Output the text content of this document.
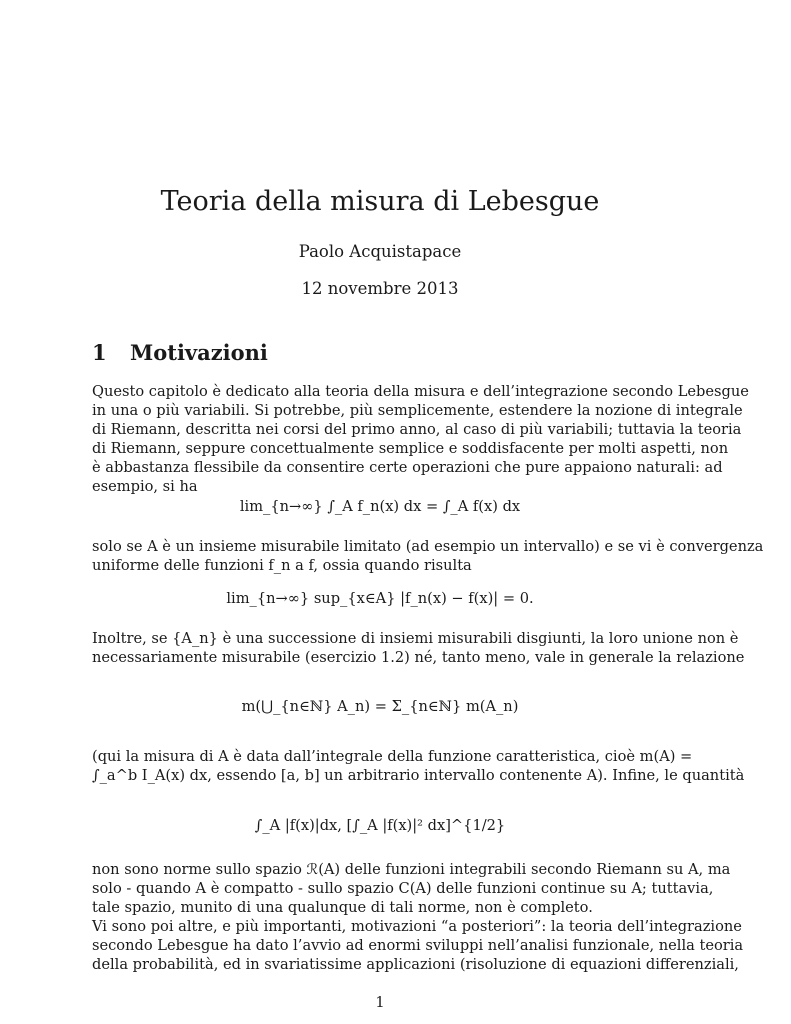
Teoria della misura di Lebesgue
Paolo Acquistapace
12 novembre 2013
1 Motivazioni
Questo capitolo è dedicato alla teoria della misura e dell’integrazione secondo Lebesgue
in una o più variabili. Si potrebbe, più semplicemente, estendere la nozione di integrale
di Riemann, descritta nei corsi del primo anno, al caso di più variabili; tuttavia la teoria
di Riemann, seppure concettualmente semplice e soddisfacente per molti aspetti, non
è abbastanza flessibile da consentire certe operazioni che pure appaiono naturali: ad
esempio, si ha
lim_{n→∞} ∫_A f_n(x) dx = ∫_A f(x) dx
solo se A è un insieme misurabile limitato (ad esempio un intervallo) e se vi è convergenza
uniforme delle funzioni f_n a f, ossia quando risulta
lim_{n→∞} sup_{x∈A} |f_n(x) − f(x)| = 0.
Inoltre, se {A_n} è una successione di insiemi misurabili disgiunti, la loro unione non è
necessariamente misurabile (esercizio 1.2) né, tanto meno, vale in generale la relazione
m(⋃_{n∈ℕ} A_n) = Σ_{n∈ℕ} m(A_n)
(qui la misura di A è data dall’integrale della funzione caratteristica, cioè m(A) =
∫_a^b I_A(x) dx, essendo [a, b] un arbitrario intervallo contenente A). Infine, le quantità
∫_A |f(x)|dx, [∫_A |f(x)|² dx]^{1/2}
non sono norme sullo spazio ℛ(A) delle funzioni integrabili secondo Riemann su A, ma
solo - quando A è compatto - sullo spazio C(A) delle funzioni continue su A; tuttavia,
tale spazio, munito di una qualunque di tali norme, non è completo.
Vi sono poi altre, e più importanti, motivazioni “a posteriori”: la teoria dell’integrazione
secondo Lebesgue ha dato l’avvio ad enormi sviluppi nell’analisi funzionale, nella teoria
della probabilità, ed in svariatissime applicazioni (risoluzione di equazioni differenziali,
1
